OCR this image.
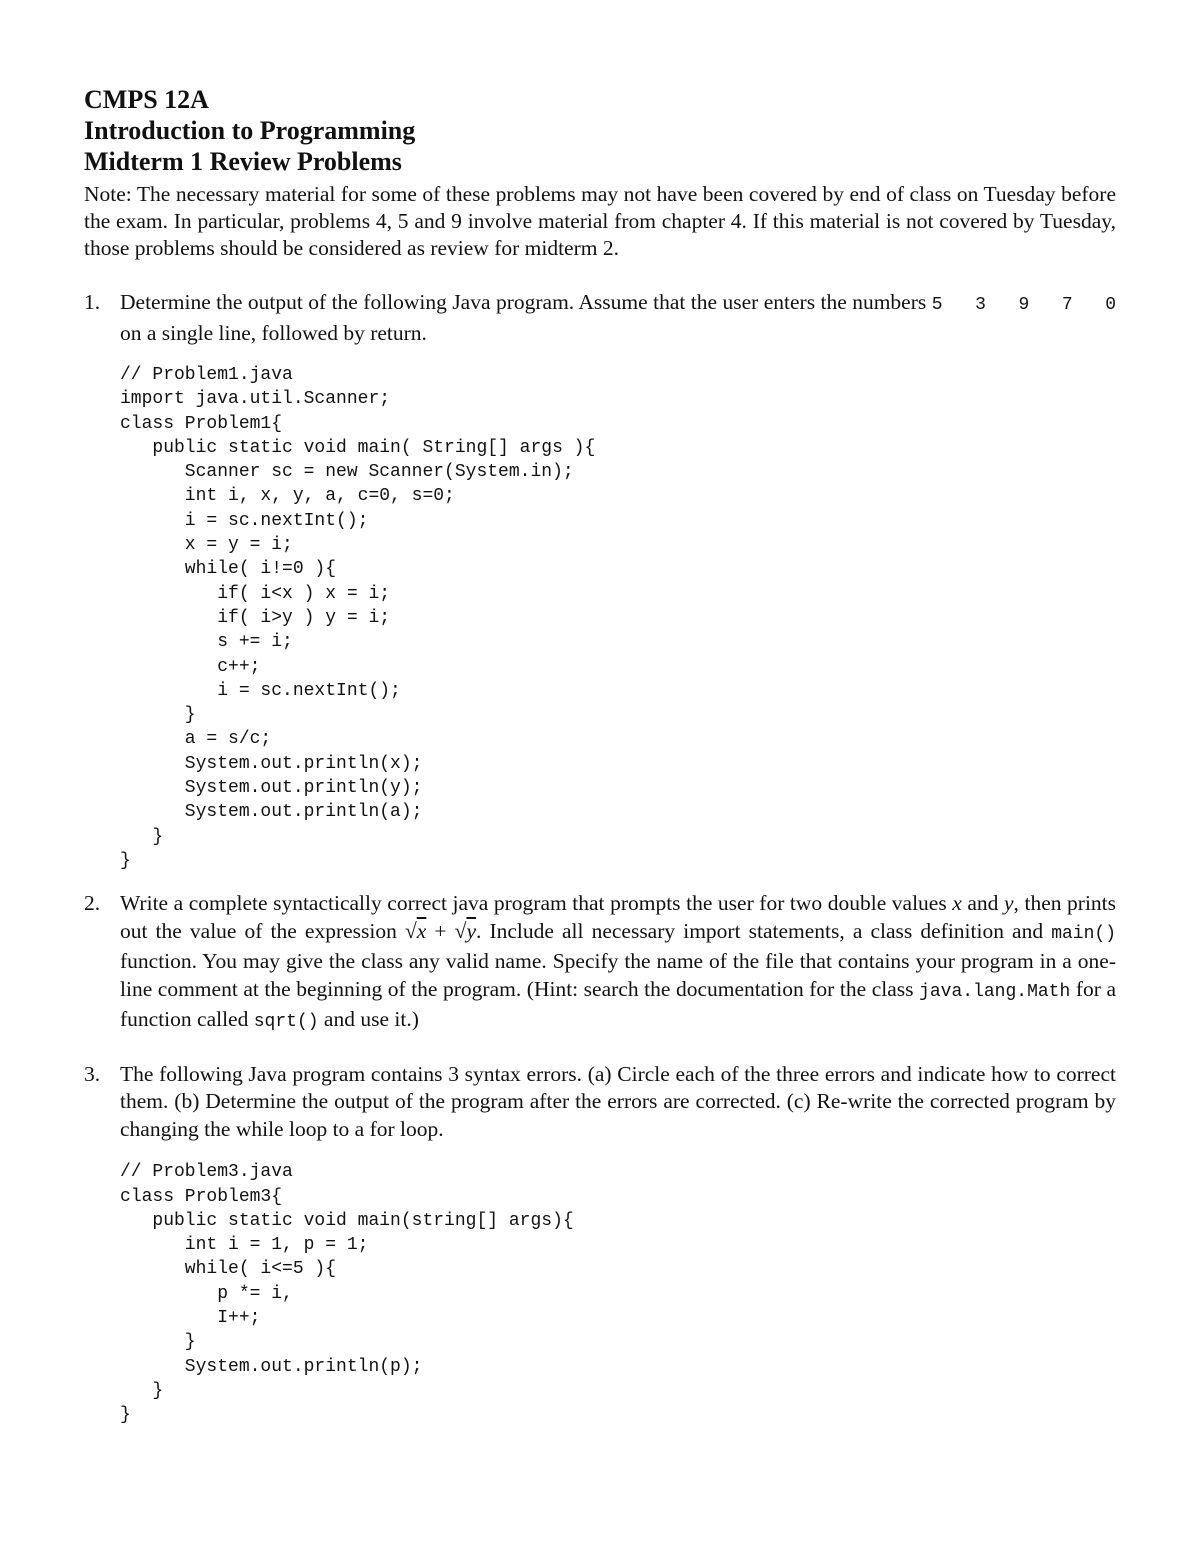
CMPS 12A
Introduction to Programming
Midterm 1 Review Problems
Note: The necessary material for some of these problems may not have been covered by end of class on Tuesday before the exam. In particular, problems 4, 5 and 9 involve material from chapter 4. If this material is not covered by Tuesday, those problems should be considered as review for midterm 2.
1. Determine the output of the following Java program. Assume that the user enters the numbers 5   3   9   7   0 on a single line, followed by return.
// Problem1.java
import java.util.Scanner;
class Problem1{
public static void main( String[] args ){
Scanner sc = new Scanner(System.in);
int i, x, y, a, c=0, s=0;
i = sc.nextInt();
x = y = i;
while( i!=0 ){
if( i<x ) x = i;
if( i>y ) y = i;
s += i;
c++;
i = sc.nextInt();
}
a = s/c;
System.out.println(x);
System.out.println(y);
System.out.println(a);
}
}
2. Write a complete syntactically correct java program that prompts the user for two double values x and y, then prints out the value of the expression √x + √y. Include all necessary import statements, a class definition and main() function. You may give the class any valid name. Specify the name of the file that contains your program in a one-line comment at the beginning of the program. (Hint: search the documentation for the class java.lang.Math for a function called sqrt() and use it.)
3. The following Java program contains 3 syntax errors. (a) Circle each of the three errors and indicate how to correct them. (b) Determine the output of the program after the errors are corrected. (c) Re-write the corrected program by changing the while loop to a for loop.
// Problem3.java
class Problem3{
public static void main(string[] args){
int i = 1, p = 1;
while( i<=5 ){
p *= i,
I++;
}
System.out.println(p);
}
}
